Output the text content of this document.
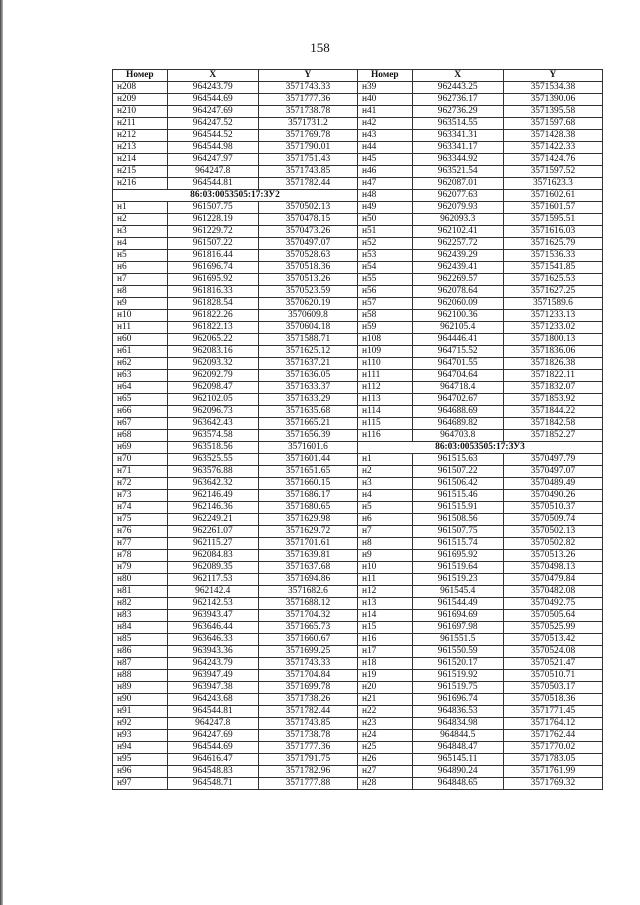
158
Номер	X	Y	Номер	X	Y
н208	964243.79	3571743.33	н39	962443.25	3571534.38
н209	964544.69	3571777.36	н40	962736.17	3571390.06
н210	964247.69	3571738.78	н41	962736.29	3571395.58
н211	964247.52	3571731.2	н42	963514.55	3571597.68
н212	964544.52	3571769.78	н43	963341.31	3571428.38
н213	964544.98	3571790.01	н44	963341.17	3571422.33
н214	964247.97	3571751.43	н45	963344.92	3571424.76
н215	964247.8	3571743.85	н46	963521.54	3571597.52
н216	964544.81	3571782.44	н47	962087.01	3571623.3
86:03:0053505:17:ЗУ2			н48	962077.63	3571602.61
н1	961507.75	3570502.13	н49	962079.93	3571601.57
н2	961228.19	3570478.15	н50	962093.3	3571595.51
н3	961229.72	3570473.26	н51	962102.41	3571616.03
н4	961507.22	3570497.07	н52	962257.72	3571625.79
н5	961816.44	3570528.63	н53	962439.29	3571536.33
н6	961696.74	3570518.36	н54	962439.41	3571541.85
н7	961695.92	3570513.26	н55	962269.57	3571625.53
н8	961816.33	3570523.59	н56	962078.64	3571627.25
н9	961828.54	3570620.19	н57	962060.09	3571589.6
н10	961822.26	3570609.8	н58	962100.36	3571233.13
н11	961822.13	3570604.18	н59	962105.4	3571233.02
н60	962065.22	3571588.71	н108	964446.41	3571800.13
н61	962083.16	3571625.12	н109	964715.52	3571836.06
н62	962093.32	3571637.21	н110	964701.55	3571826.38
н63	962092.79	3571636.05	н111	964704.64	3571822.11
н64	962098.47	3571633.37	н112	964718.4	3571832.07
н65	962102.05	3571633.29	н113	964702.67	3571853.92
н66	962096.73	3571635.68	н114	964688.69	3571844.22
н67	963642.43	3571665.21	н115	964689.82	3571842.58
н68	963574.58	3571656.39	н116	964703.8	3571852.27
н69	963518.56	3571601.6	86:03:0053505:17:ЗУ3		
н70	963525.55	3571601.44	н1	961515.63	3570497.79
н71	963576.88	3571651.65	н2	961507.22	3570497.07
н72	963642.32	3571660.15	н3	961506.42	3570489.49
н73	962146.49	3571686.17	н4	961515.46	3570490.26
н74	962146.36	3571680.65	н5	961515.91	3570510.37
н75	962249.21	3571629.98	н6	961508.56	3570509.74
н76	962261.07	3571629.72	н7	961507.75	3570502.13
н77	962115.27	3571701.61	н8	961515.74	3570502.82
н78	962084.83	3571639.81	н9	961695.92	3570513.26
н79	962089.35	3571637.68	н10	961519.64	3570498.13
н80	962117.53	3571694.86	н11	961519.23	3570479.84
н81	962142.4	3571682.6	н12	961545.4	3570482.08
н82	962142.53	3571688.12	н13	961544.49	3570492.75
н83	963943.47	3571704.32	н14	961694.69	3570505.64
н84	963646.44	3571665.73	н15	961697.98	3570525.99
н85	963646.33	3571660.67	н16	961551.5	3570513.42
н86	963943.36	3571699.25	н17	961550.59	3570524.08
н87	964243.79	3571743.33	н18	961520.17	3570521.47
н88	963947.49	3571704.84	н19	961519.92	3570510.71
н89	963947.38	3571699.78	н20	961519.75	3570503.17
н90	964243.68	3571738.26	н21	961696.74	3570518.36
н91	964544.81	3571782.44	н22	964836.53	3571771.45
н92	964247.8	3571743.85	н23	964834.98	3571764.12
н93	964247.69	3571738.78	н24	964844.5	3571762.44
н94	964544.69	3571777.36	н25	964848.47	3571770.02
н95	964616.47	3571791.75	н26	965145.11	3571783.05
н96	964548.83	3571782.96	н27	964890.24	3571761.99
н97	964548.71	3571777.88	н28	964848.65	3571769.32
